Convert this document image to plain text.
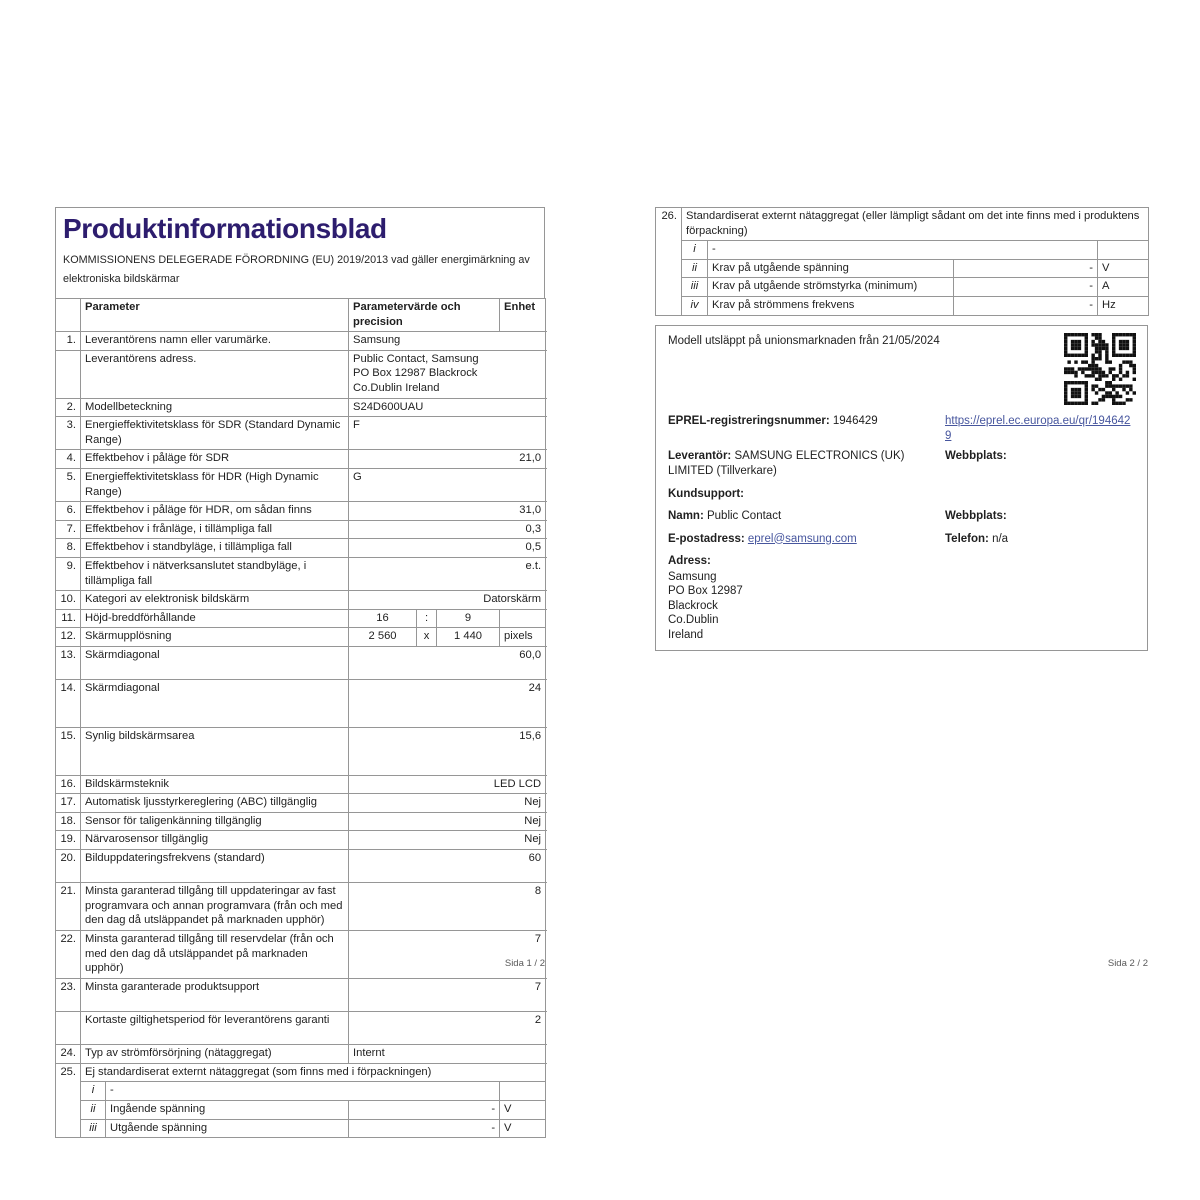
Produktinformationsblad
KOMMISSIONENS DELEGERADE FÖRORDNING (EU) 2019/2013 vad gäller energimärkning av elektroniska bildskärmar
	Parameter		Parametervärde och precision			Enhet	
1.	Leverantörens namn eller varumärke.		Samsung				
	Leverantörens adress.		Public Contact, Samsung
PO Box 12987 Blackrock
Co.Dublin Ireland				
2.	Modellbeteckning		S24D600UAU				
3.	Energieffektivitetsklass för SDR (Standard Dynamic Range)		F				
4.	Effektbehov i påläge för SDR		21,0	
5.	Energieffektivitetsklass för HDR (High Dynamic Range)		G				
6.	Effektbehov i påläge för HDR, om sådan finns		31,0	
7.	Effektbehov i frånläge, i tillämpliga fall		0,3	
8.	Effektbehov i standbyläge, i tillämpliga fall		0,5	
9.	Effektbehov i nätverksanslutet standbyläge, i tillämpliga fall		e.t.	
10.	Kategori av elektronisk bildskärm		Datorskärm				
11.	Höjd-breddförhållande		16	:	9		
12.	Skärmupplösning		2 560	x	1 440	pixels	
13.	Skärmdiagonal		60,0	
14.	Skärmdiagonal		24	
15.	Synlig bildskärmsarea		15,6	
16.	Bildskärmsteknik		LED LCD				
17.	Automatisk ljusstyrkereglering (ABC) tillgänglig		Nej				
18.	Sensor för taligenkänning tillgänglig		Nej				
19.	Närvarosensor tillgänglig		Nej				
20.	Bilduppdateringsfrekvens (standard)		60	
21.	Minsta garanterad tillgång till uppdateringar av fast programvara och annan programvara (från och med den dag då utsläppandet på marknaden upphör)		8	
22.	Minsta garanterad tillgång till reservdelar (från och med den dag då utsläppandet på marknaden upphör)		7	
23.	Minsta garanterade produktsupport		7	
	Kortaste giltighetsperiod för leverantörens garanti		2	
24.	Typ av strömförsörjning (nätaggregat)		Internt				
25.	Ej standardiserat externt nätaggregat (som finns med i förpackningen)						
	i	-					
	ii	Ingående spänning	-			V	
	iii	Utgående spänning	-			V	
Sida 1 / 2
26.	Standardiserat externt nätaggregat (eller lämpligt sådant om det inte finns med i produktens förpackning)			
	i	-		
	ii	Krav på utgående spänning	-	V
	iii	Krav på utgående strömstyrka (minimum)	-	A
	iv	Krav på strömmens frekvens	-	Hz
Modell utsläppt på unionsmarknaden från 21/05/2024
EPREL-registreringsnummer: 1946429	https://eprel.ec.europa.eu/qr/1946429
Leverantör: SAMSUNG ELECTRONICS (UK) LIMITED (Tillverkare)
Webbplats:
Kundsupport:
Namn: Public Contact	Webbplats:
E-postadress: eprel@samsung.com	Telefon: n/a
Adress:
Samsung
PO Box 12987
Blackrock
Co.Dublin
Ireland
Sida 2 / 2
